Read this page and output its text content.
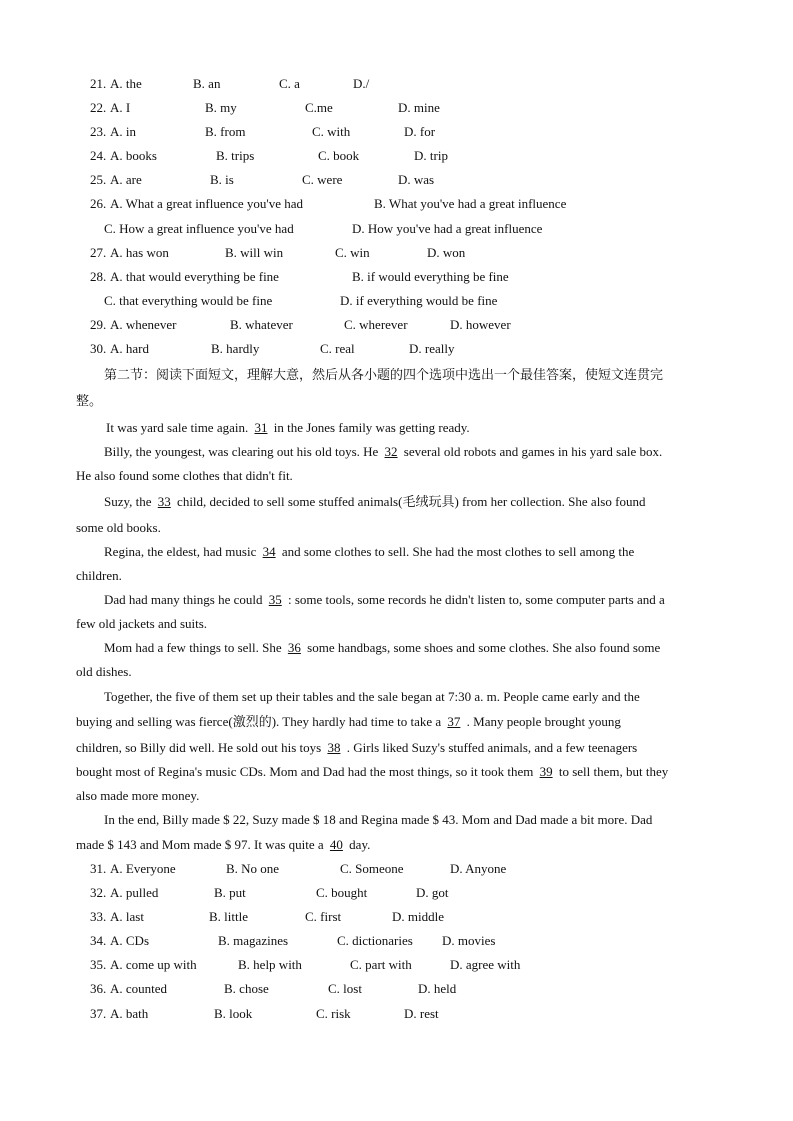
21. A. the	B. an	C. a	D./
22. A. I	B. my	C.me	D. mine
23. A. in	B. from	C. with	D. for
24. A. books	B. trips	C. book	D. trip
25. A. are	B. is	C. were	D. was
26. A. What a great influence you've had	B. What you've had a great influence
C. How a great influence you've had	D. How you've had a great influence
27. A. has won	B. will win	C. win	D. won
28. A. that would everything be fine	B. if would everything be fine
C. that everything would be fine	D. if everything would be fine
29. A. whenever	B. whatever	C. wherever	D. however
30. A. hard	B. hardly	C. real	D. really
第二节：阅读下面短文，理解大意，然后从各小题的四个选项中选出一个最佳答案，使短文连贯完
整。
It was yard sale time again. 31 in the Jones family was getting ready.
Billy, the youngest, was clearing out his old toys. He 32 several old robots and games in his yard sale box.
He also found some clothes that didn't fit.
Suzy, the 33 child, decided to sell some stuffed animals(毛绒玩具) from her collection. She also found
some old books.
Regina, the eldest, had music 34 and some clothes to sell. She had the most clothes to sell among the
children.
Dad had many things he could 35 : some tools, some records he didn't listen to, some computer parts and a
few old jackets and suits.
Mom had a few things to sell. She 36 some handbags, some shoes and some clothes. She also found some
old dishes.
Together, the five of them set up their tables and the sale began at 7:30 a. m. People came early and the
buying and selling was fierce(激烈的). They hardly had time to take a 37 . Many people brought young
children, so Billy did well. He sold out his toys 38 . Girls liked Suzy's stuffed animals, and a few teenagers
bought most of Regina's music CDs. Mom and Dad had the most things, so it took them 39 to sell them, but they
also made more money.
In the end, Billy made $ 22, Suzy made $ 18 and Regina made $ 43. Mom and Dad made a bit more. Dad
made $ 143 and Mom made $ 97. It was quite a 40 day.
31. A. Everyone	B. No one	C. Someone	D. Anyone
32. A. pulled	B. put	C. bought	D. got
33. A. last	B. little	C. first	D. middle
34. A. CDs	B. magazines	C. dictionaries D. movies
35. A. come up with	B. help with	C. part with	D. agree with
36. A. counted	B. chose	C. lost	D. held
37. A. bath	B. look	C. risk	D. rest
